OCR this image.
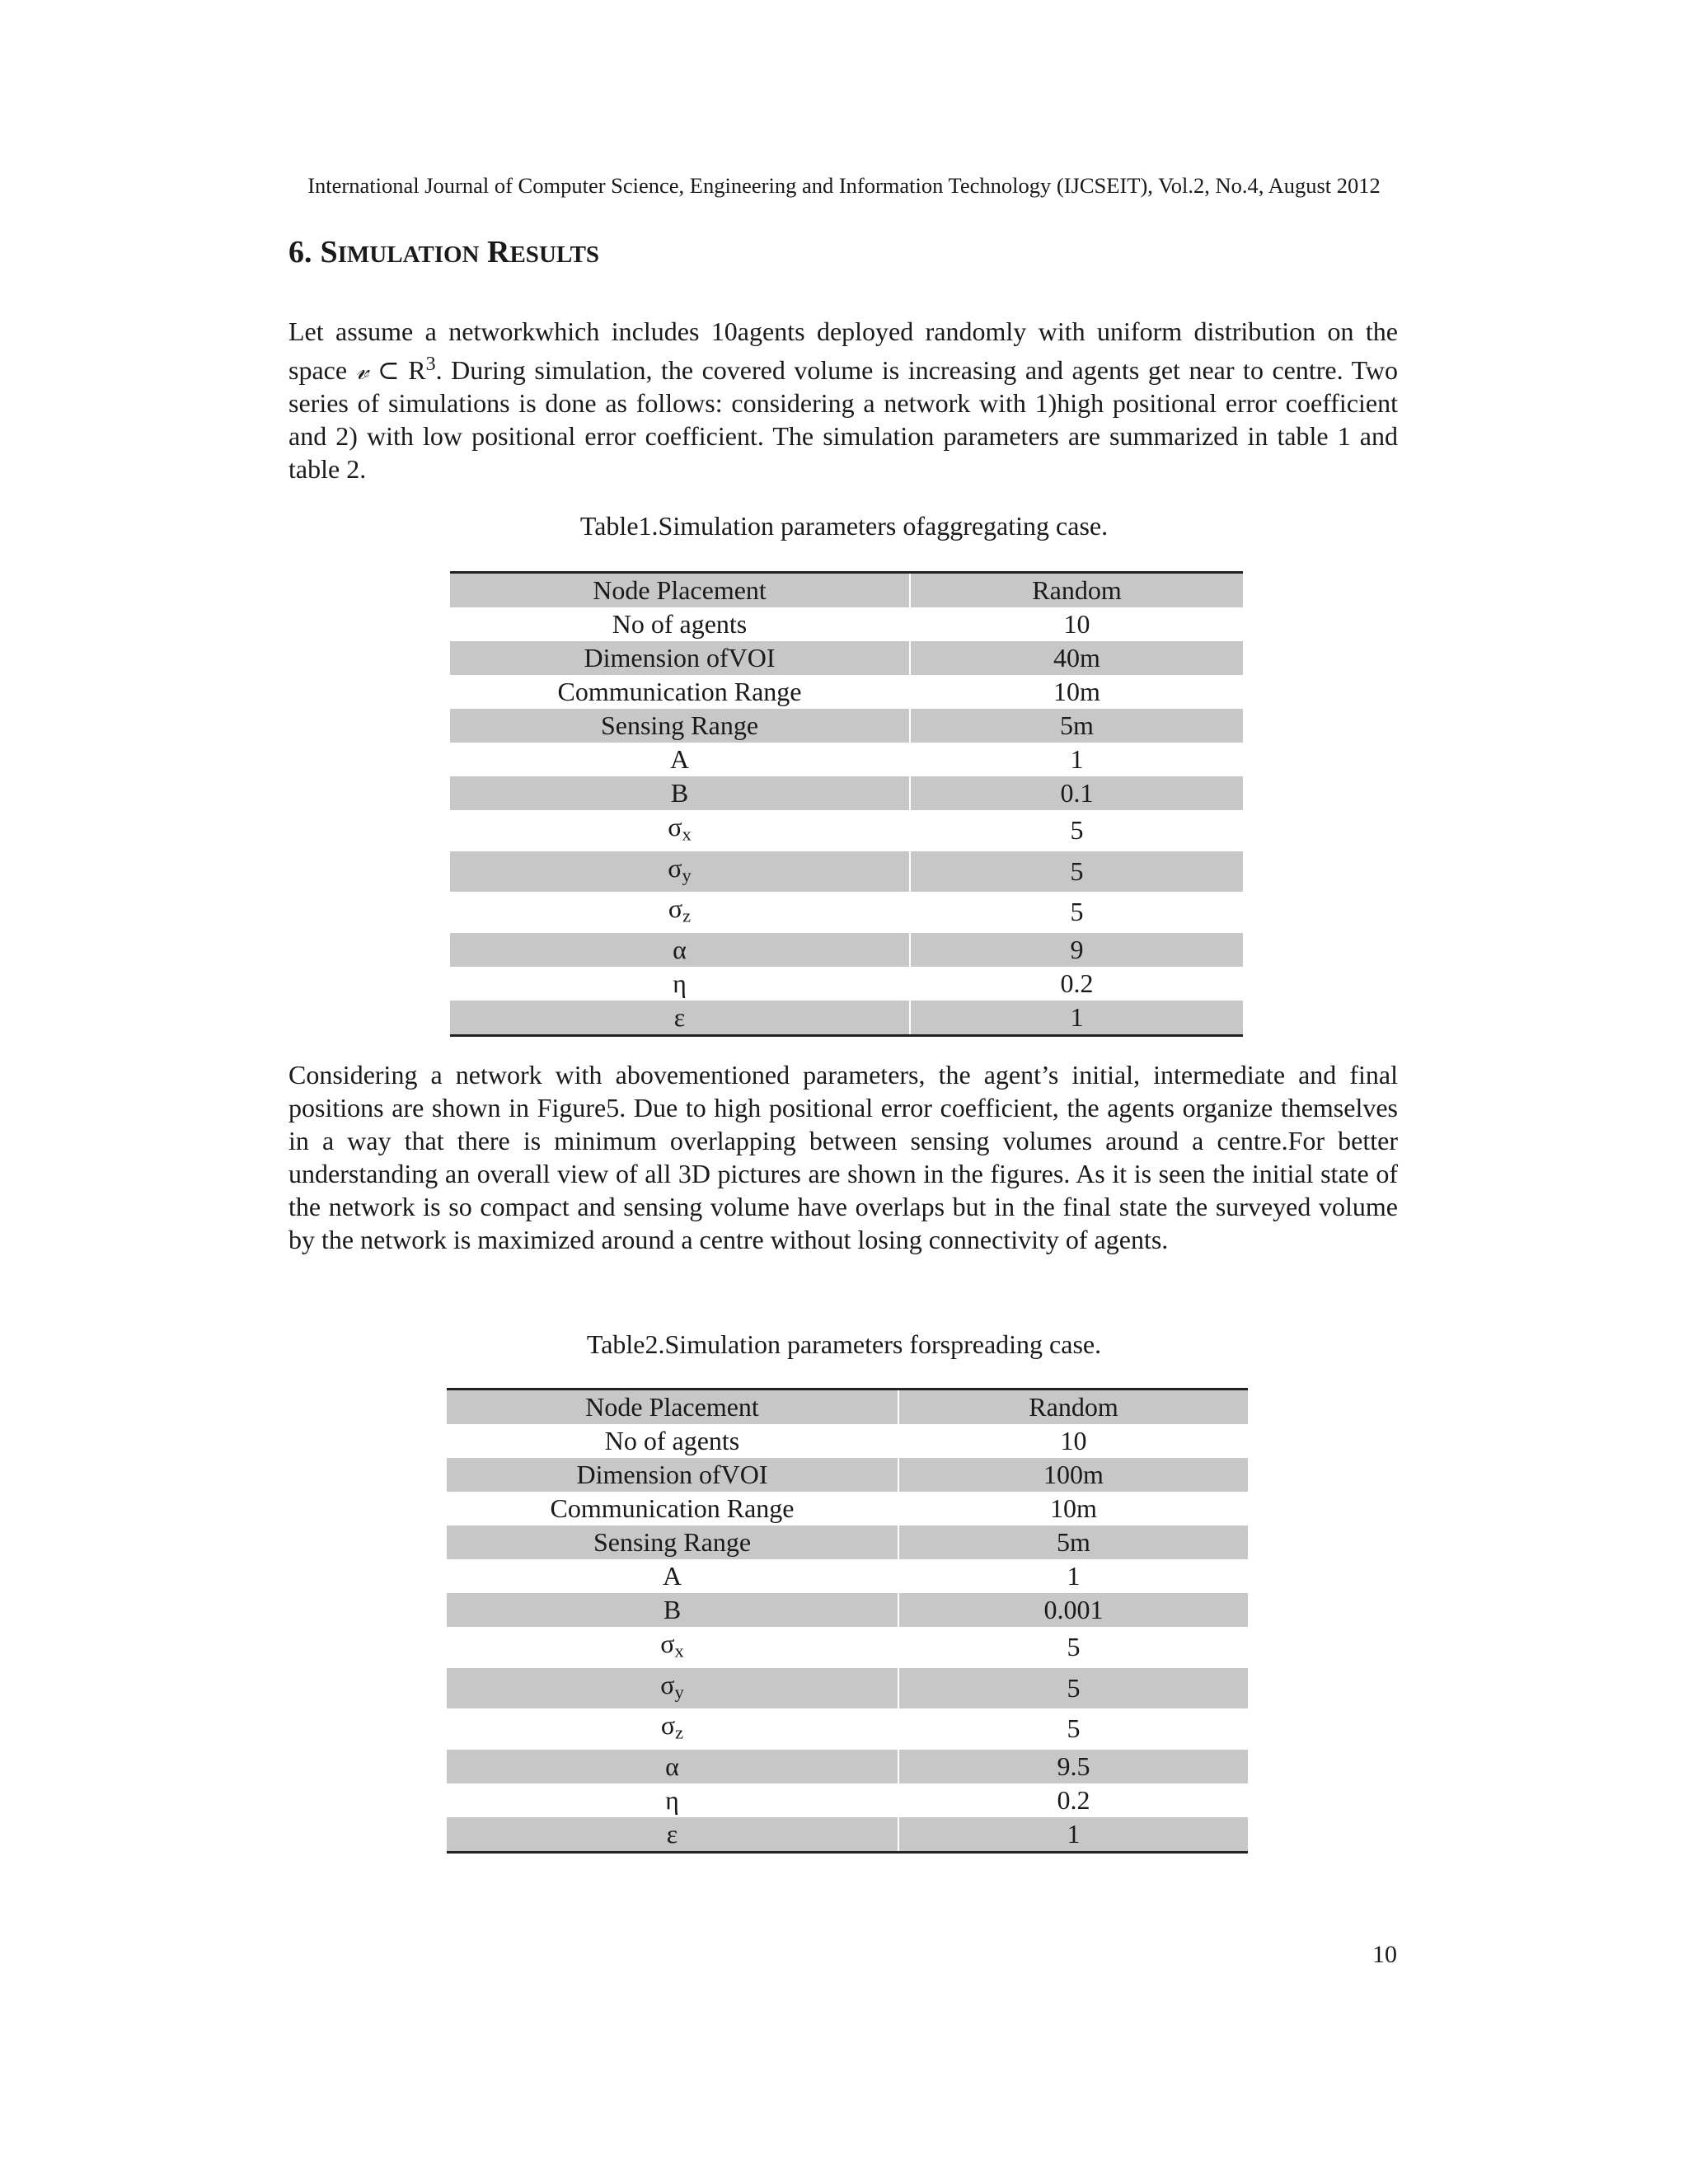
International Journal of Computer Science, Engineering and Information Technology (IJCSEIT), Vol.2, No.4, August 2012
6. SIMULATION RESULTS

Let assume a networkwhich includes 10agents deployed randomly with uniform distribution on the space 𝓋 ⊂ $R^3$. During simulation, the covered volume is increasing and agents get near to centre. Two series of simulations is done as follows: considering a network with 1)high positional error coefficient and 2) with low positional error coefficient. The simulation parameters are summarized in table 1 and table 2.

Table1.Simulation parameters ofaggregating case.
Node Placement	Random
No of agents	10
Dimension ofVOI	40m
Communication Range	10m
Sensing Range	5m
A	1
B	0.1
$\sigma_x$	5
$\sigma_y$	5
$\sigma_z$	5
α	9
η	0.2
ε	1

Considering a network with abovementioned parameters, the agent’s initial, intermediate and final positions are shown in Figure5. Due to high positional error coefficient, the agents organize themselves in a way that there is minimum overlapping between sensing volumes around a centre.For better understanding an overall view of all 3D pictures are shown in the figures. As it is seen the initial state of the network is so compact and sensing volume have overlaps but in the final state the surveyed volume by the network is maximized around a centre without losing connectivity of agents.

Table2.Simulation parameters forspreading case.
Node Placement	Random
No of agents	10
Dimension ofVOI	100m
Communication Range	10m
Sensing Range	5m
A	1
B	0.001
$\sigma_x$	5
$\sigma_y$	5
$\sigma_z$	5
α	9.5
η	0.2
ε	1
10
